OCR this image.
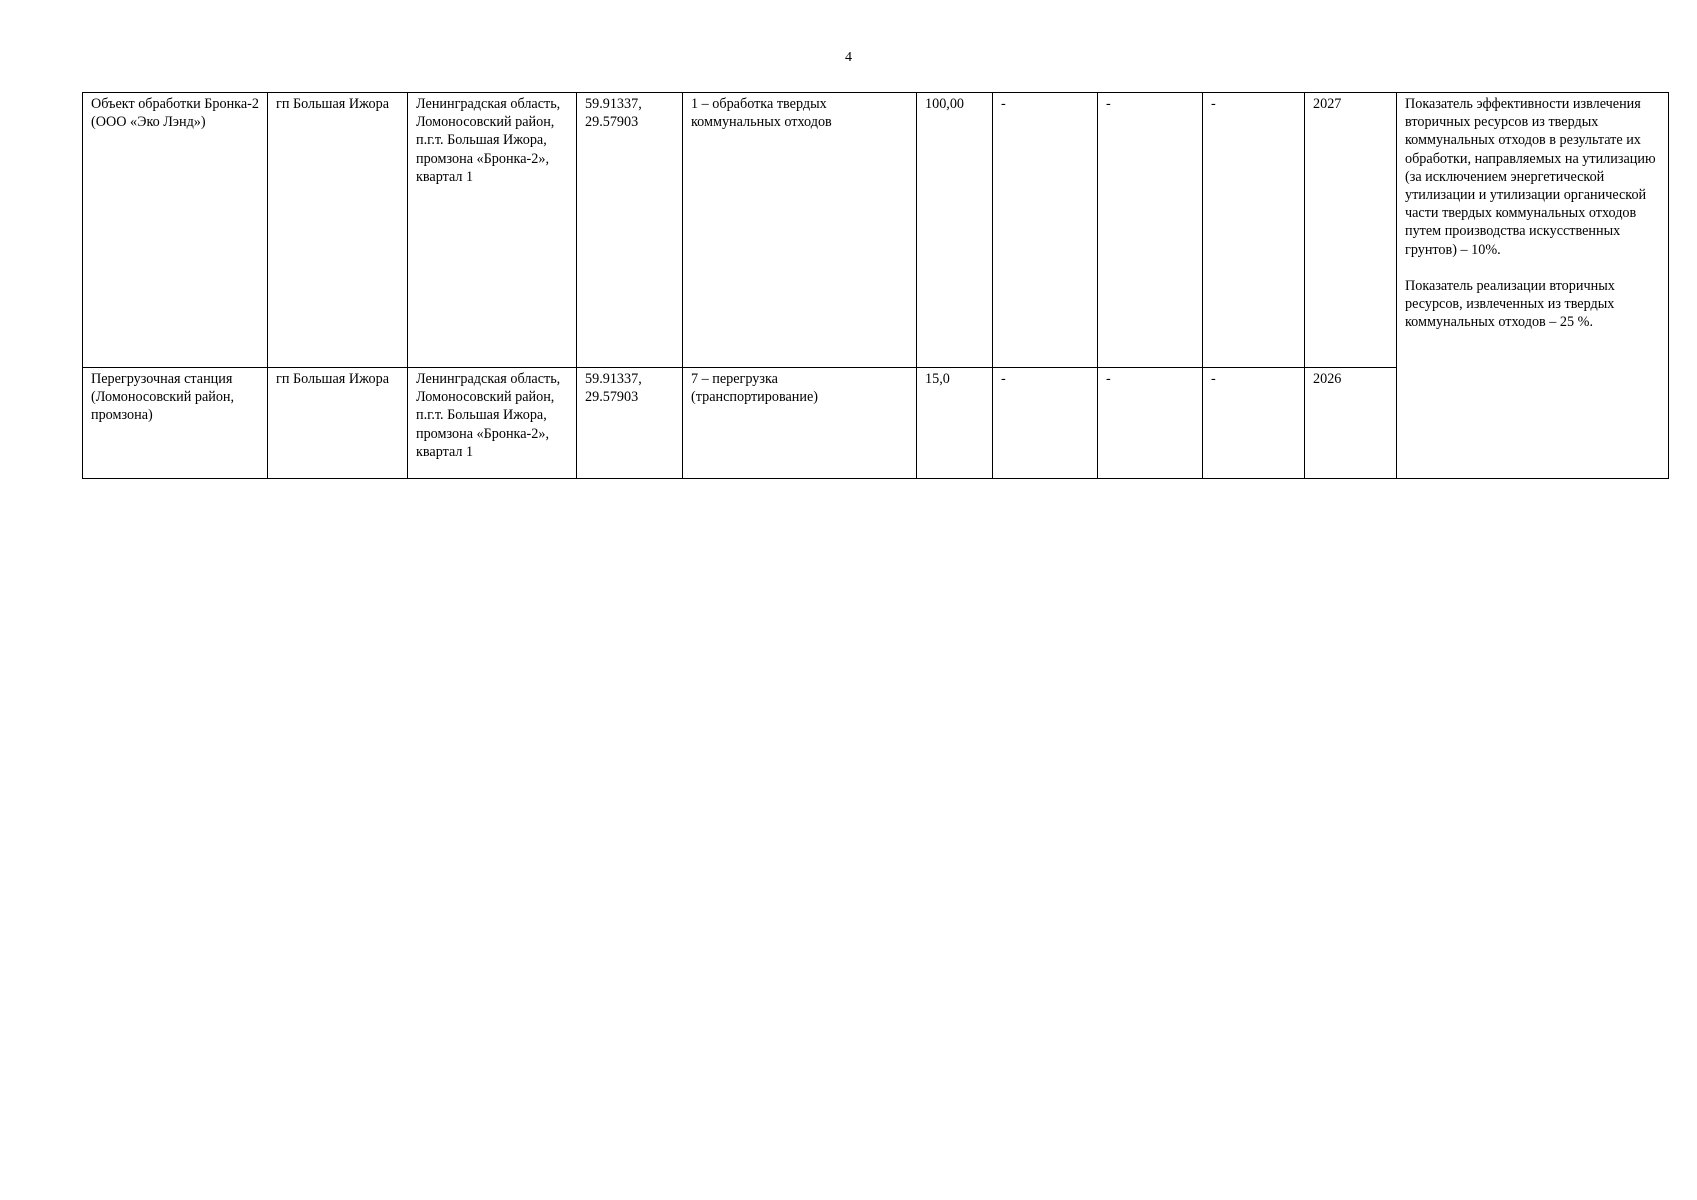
4
Объект обработки Бронка-2 (ООО «Эко Лэнд»)	гп Большая Ижора	Ленинградская область, Ломоносовский район, п.г.т. Большая Ижора, промзона «Бронка-2», квартал 1	59.91337, 29.57903	1 – обработка твердых коммунальных отходов	100,00	-	-	-	2027	Показатель эффективности извлечения вторичных ресурсов из твердых коммунальных отходов в результате их обработки, направляемых на утилизацию (за исключением энергетической утилизации и утилизации органической части твердых коммунальных отходов путем производства искусственных грунтов) – 10%.

Показатель реализации вторичных ресурсов, извлеченных из твердых коммунальных отходов – 25 %.

Перегрузочная станция (Ломоносовский район, промзона)	гп Большая Ижора	Ленинградская область, Ломоносовский район, п.г.т. Большая Ижора, промзона «Бронка-2», квартал 1	59.91337, 29.57903	7 – перегрузка (транспортирование)	15,0	-	-	-	2026	
